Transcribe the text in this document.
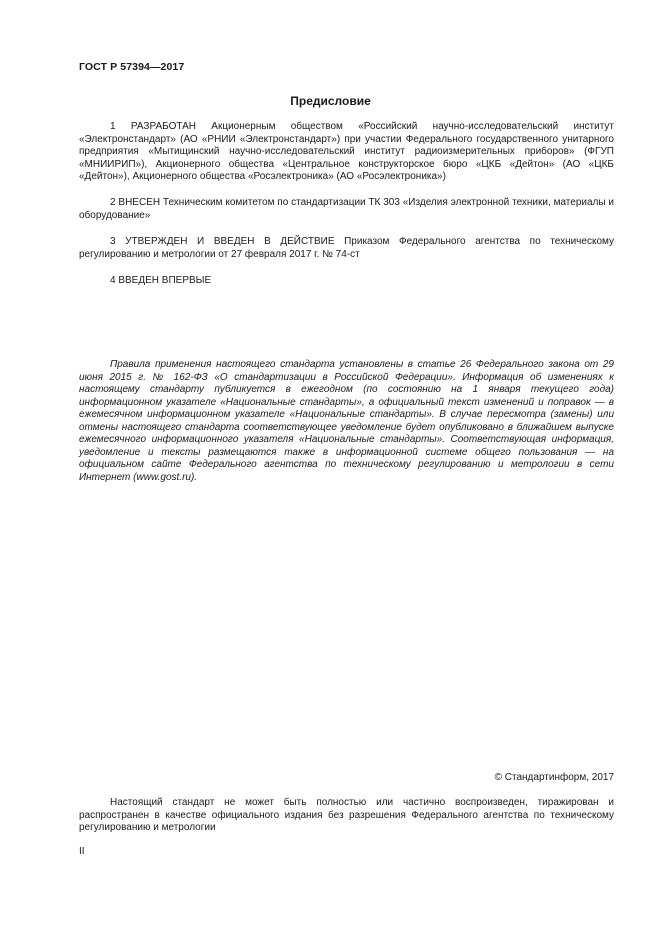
ГОСТ Р 57394—2017
Предисловие

1 РАЗРАБОТАН Акционерным обществом «Российский научно-исследовательский институт «Электронстандарт» (АО «РНИИ «Электронстандарт») при участии Федерального государственного унитарного предприятия «Мытищинский научно-исследовательский институт радиоизмерительных приборов» (ФГУП «МНИИРИП»), Акционерного общества «Центральное конструкторское бюро «ЦКБ «Дейтон» (АО «ЦКБ «Дейтон»), Акционерного общества «Росэлектроника» (АО «Росэлектроника»)

2 ВНЕСЕН Техническим комитетом по стандартизации ТК 303 «Изделия электронной техники, материалы и оборудование»

3 УТВЕРЖДЕН И ВВЕДЕН В ДЕЙСТВИЕ Приказом Федерального агентства по техническому регулированию и метрологии от 27 февраля 2017 г. № 74-ст

4 ВВЕДЕН ВПЕРВЫЕ

Правила применения настоящего стандарта установлены в статье 26 Федерального закона от 29 июня 2015 г. № 162-ФЗ «О стандартизации в Российской Федерации». Информация об изменениях к настоящему стандарту публикуется в ежегодном (по состоянию на 1 января текущего года) информационном указателе «Национальные стандарты», а официальный текст изменений и поправок — в ежемесячном информационном указателе «Национальные стандарты». В случае пересмотра (замены) или отмены настоящего стандарта соответствующее уведомление будет опубликовано в ближайшем выпуске ежемесячного информационного указателя «Национальные стандарты». Соответствующая информация, уведомление и тексты размещаются также в информационной системе общего пользования — на официальном сайте Федерального агентства по техническому регулированию и метрологии в сети Интернет (www.gost.ru).

© Стандартинформ, 2017

Настоящий стандарт не может быть полностью или частично воспроизведен, тиражирован и распространен в качестве официального издания без разрешения Федерального агентства по техническому регулированию и метрологии

II
